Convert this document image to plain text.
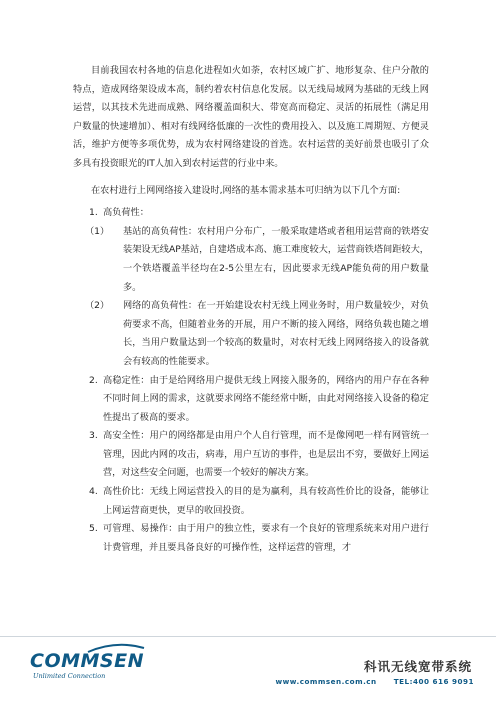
目前我国农村各地的信息化进程如火如荼，农村区域广扩、地形复杂、住户分散的特点，造成网络架设成本高，制约着农村信息化发展。以无线局域网为基础的无线上网运营，以其技术先进而成熟、网络覆盖面积大、带宽高而稳定、灵活的拓展性（满足用户数量的快速增加）、相对有线网络低廉的一次性的费用投入、以及施工周期短、方便灵活，维护方便等多项优势，成为农村网络建设的首选。农村运营的美好前景也吸引了众多具有投资眼光的IT人加入到农村运营的行业中来。

在农村进行上网网络接入建设时,网络的基本需求基本可归纳为以下几个方面:

1. 高负荷性：
（1） 基站的高负荷性：农村用户分布广，一般采取建塔或者租用运营商的铁塔安装架设无线AP基站，自建塔成本高、施工难度较大，运营商铁塔间距较大，一个铁塔覆盖半径均在2-5公里左右，因此要求无线AP能负荷的用户数量多。
（2） 网络的高负荷性：在一开始建设农村无线上网业务时，用户数量较少，对负荷要求不高，但随着业务的开展，用户不断的接入网络，网络负载也随之增长，当用户数量达到一个较高的数量时，对农村无线上网网络接入的设备就会有较高的性能要求。
2. 高稳定性：由于是给网络用户提供无线上网接入服务的，网络内的用户存在各种不同时间上网的需求，这就要求网络不能经常中断，由此对网络接入设备的稳定性提出了极高的要求。
3. 高安全性：用户的网络都是由用户个人自行管理，而不是像网吧一样有网管统一管理，因此内网的攻击，病毒，用户互访的事件，也是层出不穷，要做好上网运营，对这些安全问题，也需要一个较好的解决方案。
4. 高性价比：无线上网运营投入的目的是为赢利，具有较高性价比的设备，能够让上网运营商更快，更早的收回投资。
5. 可管理、易操作：由于用户的独立性，要求有一个良好的管理系统来对用户进行计费管理，并且要具备良好的可操作性，这样运营的管理，才
COMMSEN
Unlimited Connection
科讯无线宽带系统
www.commsen.com.cn TEL:400 616 9091
